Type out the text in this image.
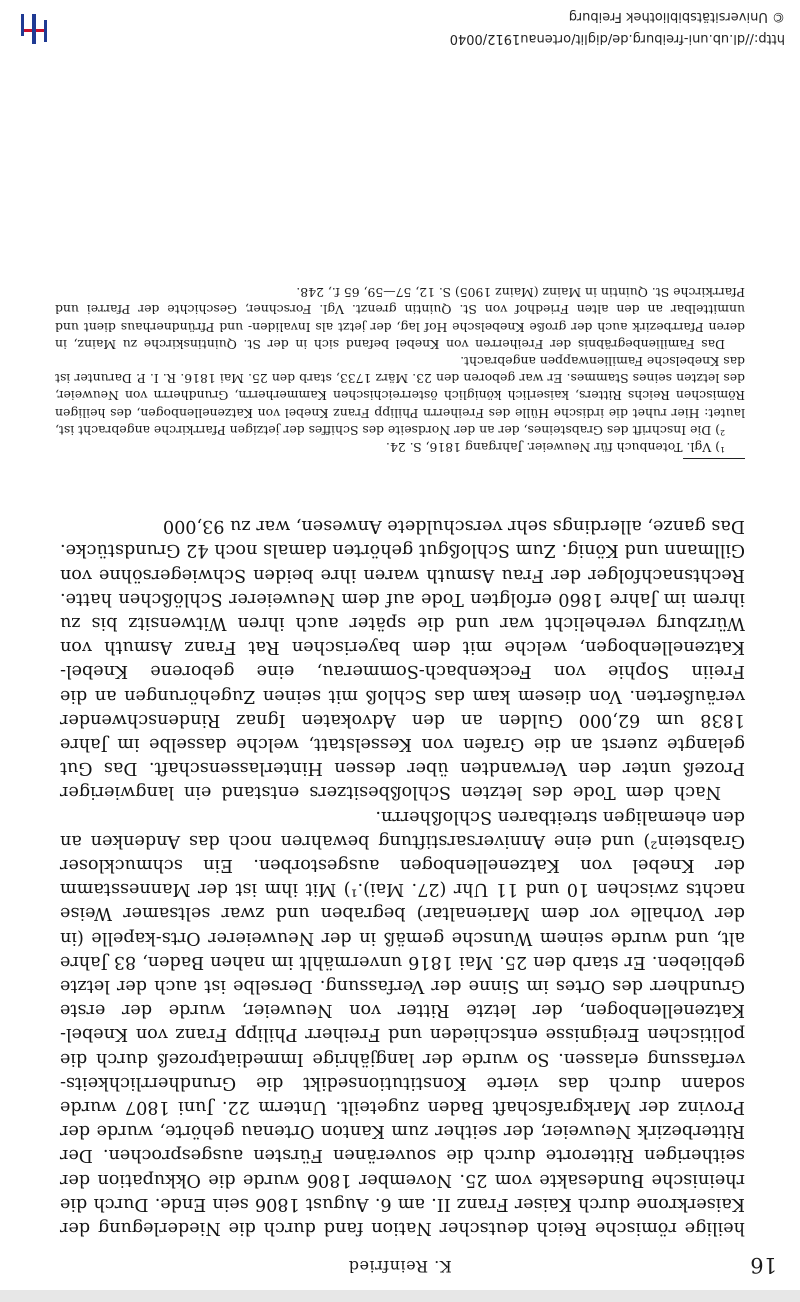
16
K. Reinfried

heilige römische Reich deutscher Nation fand durch die Niederlegung der Kaiserkrone durch Kaiser Franz II. am 6. August 1806 sein Ende. Durch die rheinische Bundesakte vom 25. November 1806 wurde die Okkupation der seitherigen Ritterorte durch die souveränen Fürsten ausgesprochen. Der Ritterbezirk Neuweier, der seither zum Kanton Ortenau gehörte, wurde der Provinz der Markgrafschaft Baden zugeteilt. Unterm 22. Juni 1807 wurde sodann durch das vierte Konstitutionsedikt die Grundherrlichkeits-verfassung erlassen. So wurde der langjährige Immediatprozeß durch die politischen Ereignisse entschieden und Freiherr Philipp Franz von Knebel-Katzenellenbogen, der letzte Ritter von Neuweier, wurde der erste Grundherr des Ortes im Sinne der Verfassung. Derselbe ist auch der letzte geblieben. Er starb den 25. Mai 1816 unvermählt im nahen Baden, 83 Jahre alt, und wurde seinem Wunsche gemäß in der Neuweierer Orts-kapelle (in der Vorhalle vor dem Marienaltar) begraben und zwar seltsamer Weise nachts zwischen 10 und 11 Uhr (27. Mai).¹) Mit ihm ist der Mannesstamm der Knebel von Katzenellenbogen ausgestorben. Ein schmuckloser Grabstein²) und eine Anniversarstiftung bewahren noch das Andenken an den ehemaligen streitbaren Schloßherrn.

Nach dem Tode des letzten Schloßbesitzers entstand ein langwieriger Prozeß unter den Verwandten über dessen Hinterlassenschaft. Das Gut gelangte zuerst an die Grafen von Kesselstatt, welche dasselbe im Jahre 1838 um 62,000 Gulden an den Advokaten Ignaz Rindenschwender veräußerten. Von diesem kam das Schloß mit seinen Zugehörungen an die Freiin Sophie von Feckenbach-Sommerau, eine geborene Knebel-Katzenellenbogen, welche mit dem bayerischen Rat Franz Asmuth von Würzburg verehelicht war und die später auch ihren Witwensitz bis zu ihrem im Jahre 1860 erfolgten Tode auf dem Neuweierer Schlößchen hatte. Rechtsnachfolger der Frau Asmuth waren ihre beiden Schwiegersöhne von Gillmann und König. Zum Schloßgut gehörten damals noch 42 Grundstücke. Das ganze, allerdings sehr verschuldete Anwesen, war zu 93,000

¹) Vgl. Totenbuch für Neuweier. Jahrgang 1816, S. 24.

²) Die Inschrift des Grabsteines, der an der Nordseite des Schiffes der jetzigen Pfarrkirche angebracht ist, lautet: Hier ruhet die irdische Hülle des Freiherrn Philipp Franz Knebel von Katzenellenbogen, des heiligen Römischen Reichs Ritters, kaiserlich königlich österreichischen Kammerherrn, Grundherrn von Neuweier, des letzten seines Stammes. Er war geboren den 23. März 1733, starb den 25. Mai 1816. R. I. P. Darunter ist das Knebelsche Familienwappen angebracht.

Das Familienbegräbnis der Freiherren von Knebel befand sich in der St. Quintinskirche zu Mainz, in deren Pfarrbezirk auch der große Knebelsche Hof lag, der jetzt als Invaliden- und Pfründnerhaus dient und unmittelbar an den alten Friedhof von St. Quintin grenzt. Vgl. Forschner, Geschichte der Pfarrei und Pfarrkirche St. Quintin in Mainz (Mainz 1905) S. 12, 57—59, 65 f., 248.

http://dl.ub.uni-freiburg.de/diglit/ortenau1912/0040
© Universitätsbibliothek Freiburg
